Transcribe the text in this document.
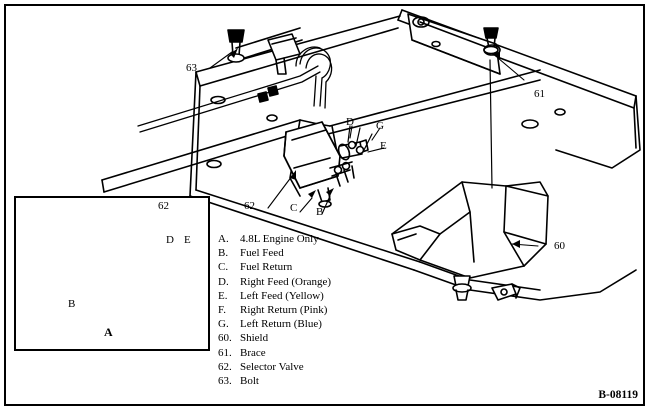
63
61
62
62
60
C B
D G
E
D E
B
A
A.	4.8L Engine Only
B.	Fuel Feed
C.	Fuel Return
D.	Right Feed (Orange)
E.	Left Feed (Yellow)
F.	Right Return (Pink)
G.	Left Return (Blue)
60. Shield
61. Brace
62. Selector Valve
63. Bolt
B-08119
